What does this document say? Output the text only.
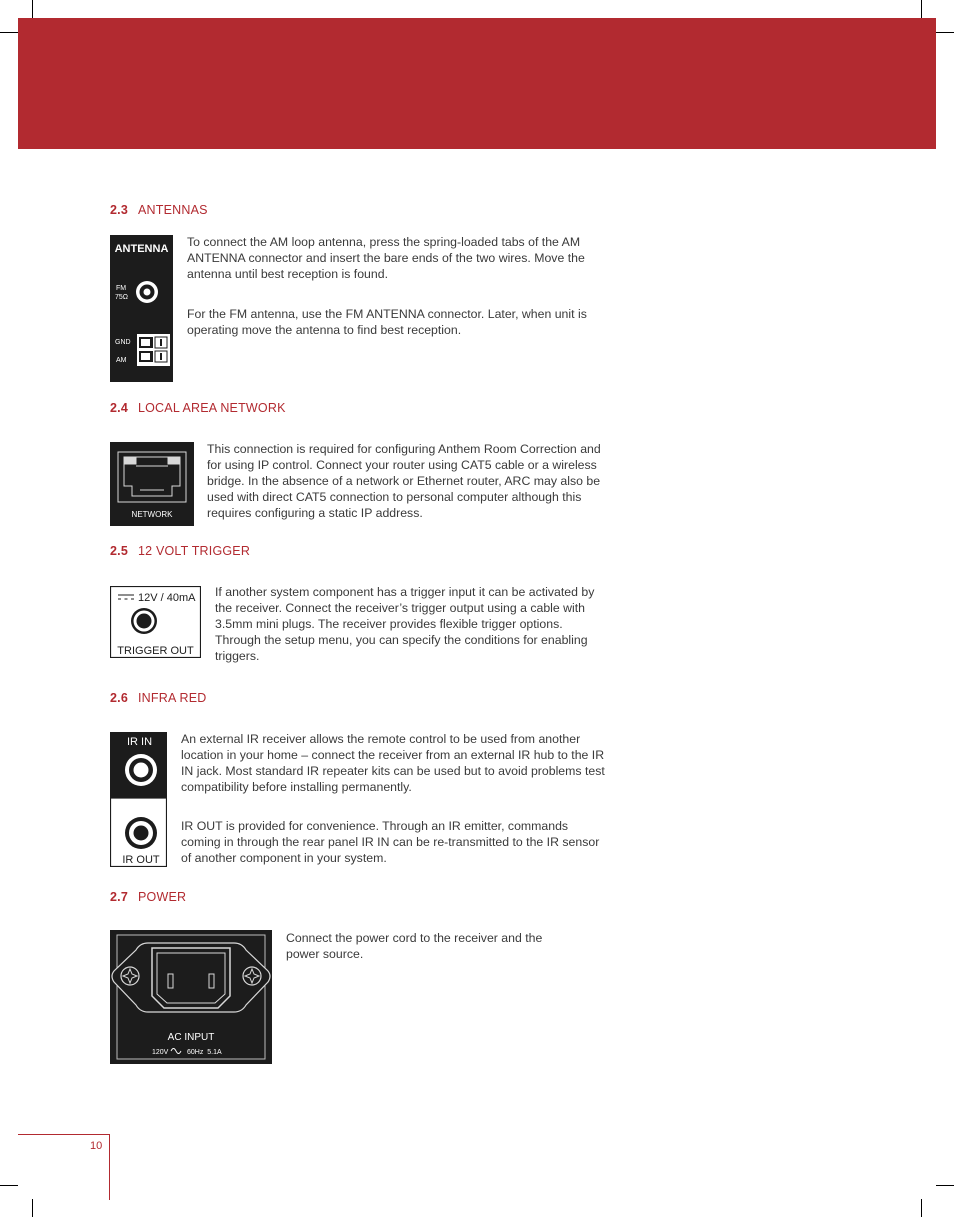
2.3 ANTENNAS
ANTENNA
FM
75Ω
GND
AM

To connect the AM loop antenna, press the spring-loaded tabs of the AM ANTENNA connector and insert the bare ends of the two wires. Move the antenna until best reception is found.

For the FM antenna, use the FM ANTENNA connector. Later, when unit is operating move the antenna to find best reception.

2.4 LOCAL AREA NETWORK
NETWORK

This connection is required for configuring Anthem Room Correction and for using IP control. Connect your router using CAT5 cable or a wireless bridge. In the absence of a network or Ethernet router, ARC may also be used with direct CAT5 connection to personal computer although this requires configuring a static IP address.

2.5 12 VOLT TRIGGER
12V / 40mA
TRIGGER OUT

If another system component has a trigger input it can be activated by the receiver. Connect the receiver’s trigger output using a cable with 3.5mm mini plugs. The receiver provides flexible trigger options. Through the setup menu, you can specify the conditions for enabling triggers.

2.6 INFRA RED
IR IN
IR OUT

An external IR receiver allows the remote control to be used from another location in your home – connect the receiver from an external IR hub to the IR IN jack. Most standard IR repeater kits can be used but to avoid problems test compatibility before installing permanently.

IR OUT is provided for convenience. Through an IR emitter, commands coming in through the rear panel IR IN can be re-transmitted to the IR sensor of another component in your system.

2.7 POWER
AC INPUT
120V	60Hz  5.1A

Connect the power cord to the receiver and the power source.

10
